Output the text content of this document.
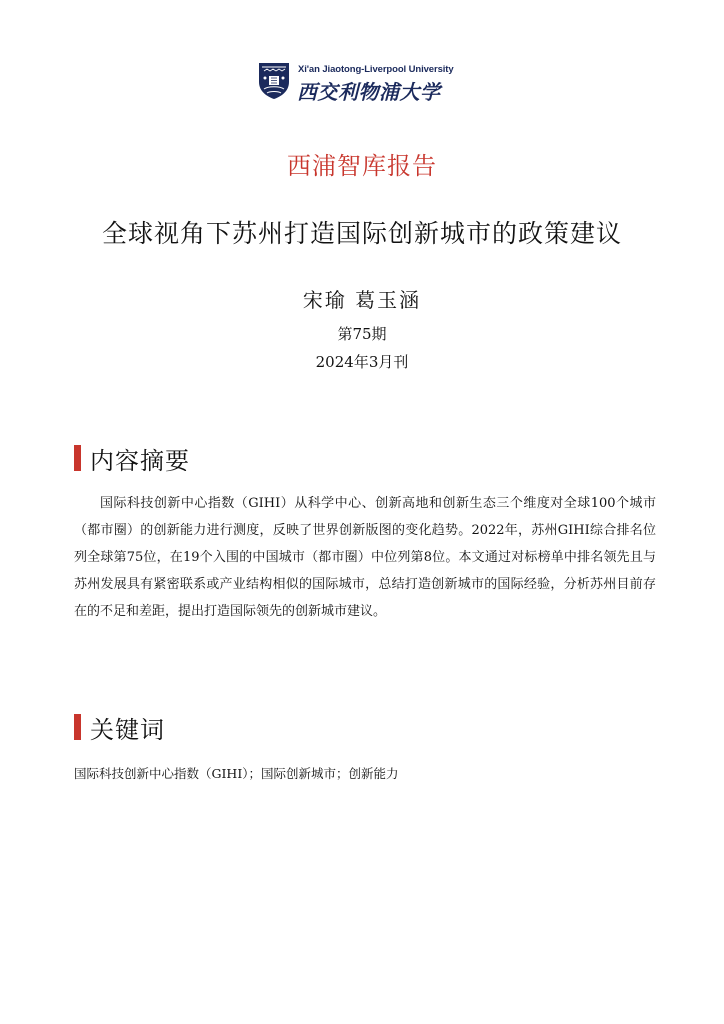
Xi'an Jiaotong-Liverpool University
西交利物浦大学
西浦智库报告
全球视角下苏州打造国际创新城市的政策建议
宋瑜 葛玉涵
第75期
2024年3月刊
内容摘要

国际科技创新中心指数（GIHI）从科学中心、创新高地和创新生态三个维度对全球100个城市（都市圈）的创新能力进行测度，反映了世界创新版图的变化趋势。2022年，苏州GIHI综合排名位列全球第75位，在19个入围的中国城市（都市圈）中位列第8位。本文通过对标榜单中排名领先且与苏州发展具有紧密联系或产业结构相似的国际城市，总结打造创新城市的国际经验，分析苏州目前存在的不足和差距，提出打造国际领先的创新城市建议。

关键词

国际科技创新中心指数（GIHI）；国际创新城市；创新能力
